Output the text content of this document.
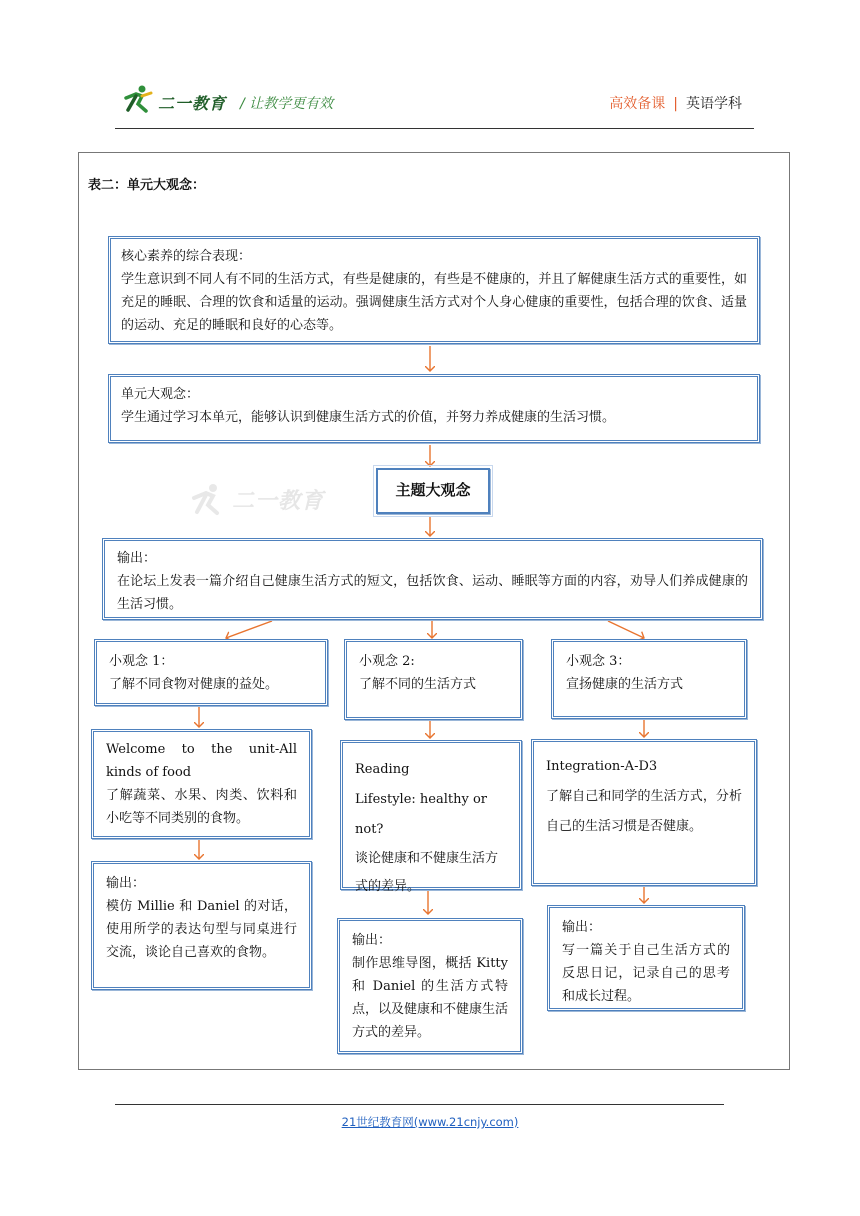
二一教育 / 让教学更有效	高效备课 | 英语学科
表二：单元大观念：
二一教育
核心素养的综合表现：
学生意识到不同人有不同的生活方式，有些是健康的，有些是不健康的，并且了解健康生活方式的重要性，如充足的睡眠、合理的饮食和适量的运动。强调健康生活方式对个人身心健康的重要性，包括合理的饮食、适量的运动、充足的睡眠和良好的心态等。
单元大观念：
学生通过学习本单元，能够认识到健康生活方式的价值，并努力养成健康的生活习惯。
主题大观念
输出：
在论坛上发表一篇介绍自己健康生活方式的短文，包括饮食、运动、睡眠等方面的内容，劝导人们养成健康的生活习惯。
小观念 1：
了解不同食物对健康的益处。
Welcome to the unit-All kinds of food
了解蔬菜、水果、肉类、饮料和小吃等不同类别的食物。
输出：
模仿 Millie 和 Daniel 的对话，使用所学的表达句型与同桌进行交流，谈论自己喜欢的食物。
小观念 2:
了解不同的生活方式
Reading
Lifestyle: healthy or not?
谈论健康和不健康生活方式的差异。
输出：
制作思维导图，概括 Kitty 和 Daniel 的生活方式特点，以及健康和不健康生活方式的差异。
小观念 3：
宣扬健康的生活方式
Integration-A-D3
了解自己和同学的生活方式，分析自己的生活习惯是否健康。
输出：
写一篇关于自己生活方式的反思日记，记录自己的思考和成长过程。
21世纪教育网(www.21cnjy.com)
